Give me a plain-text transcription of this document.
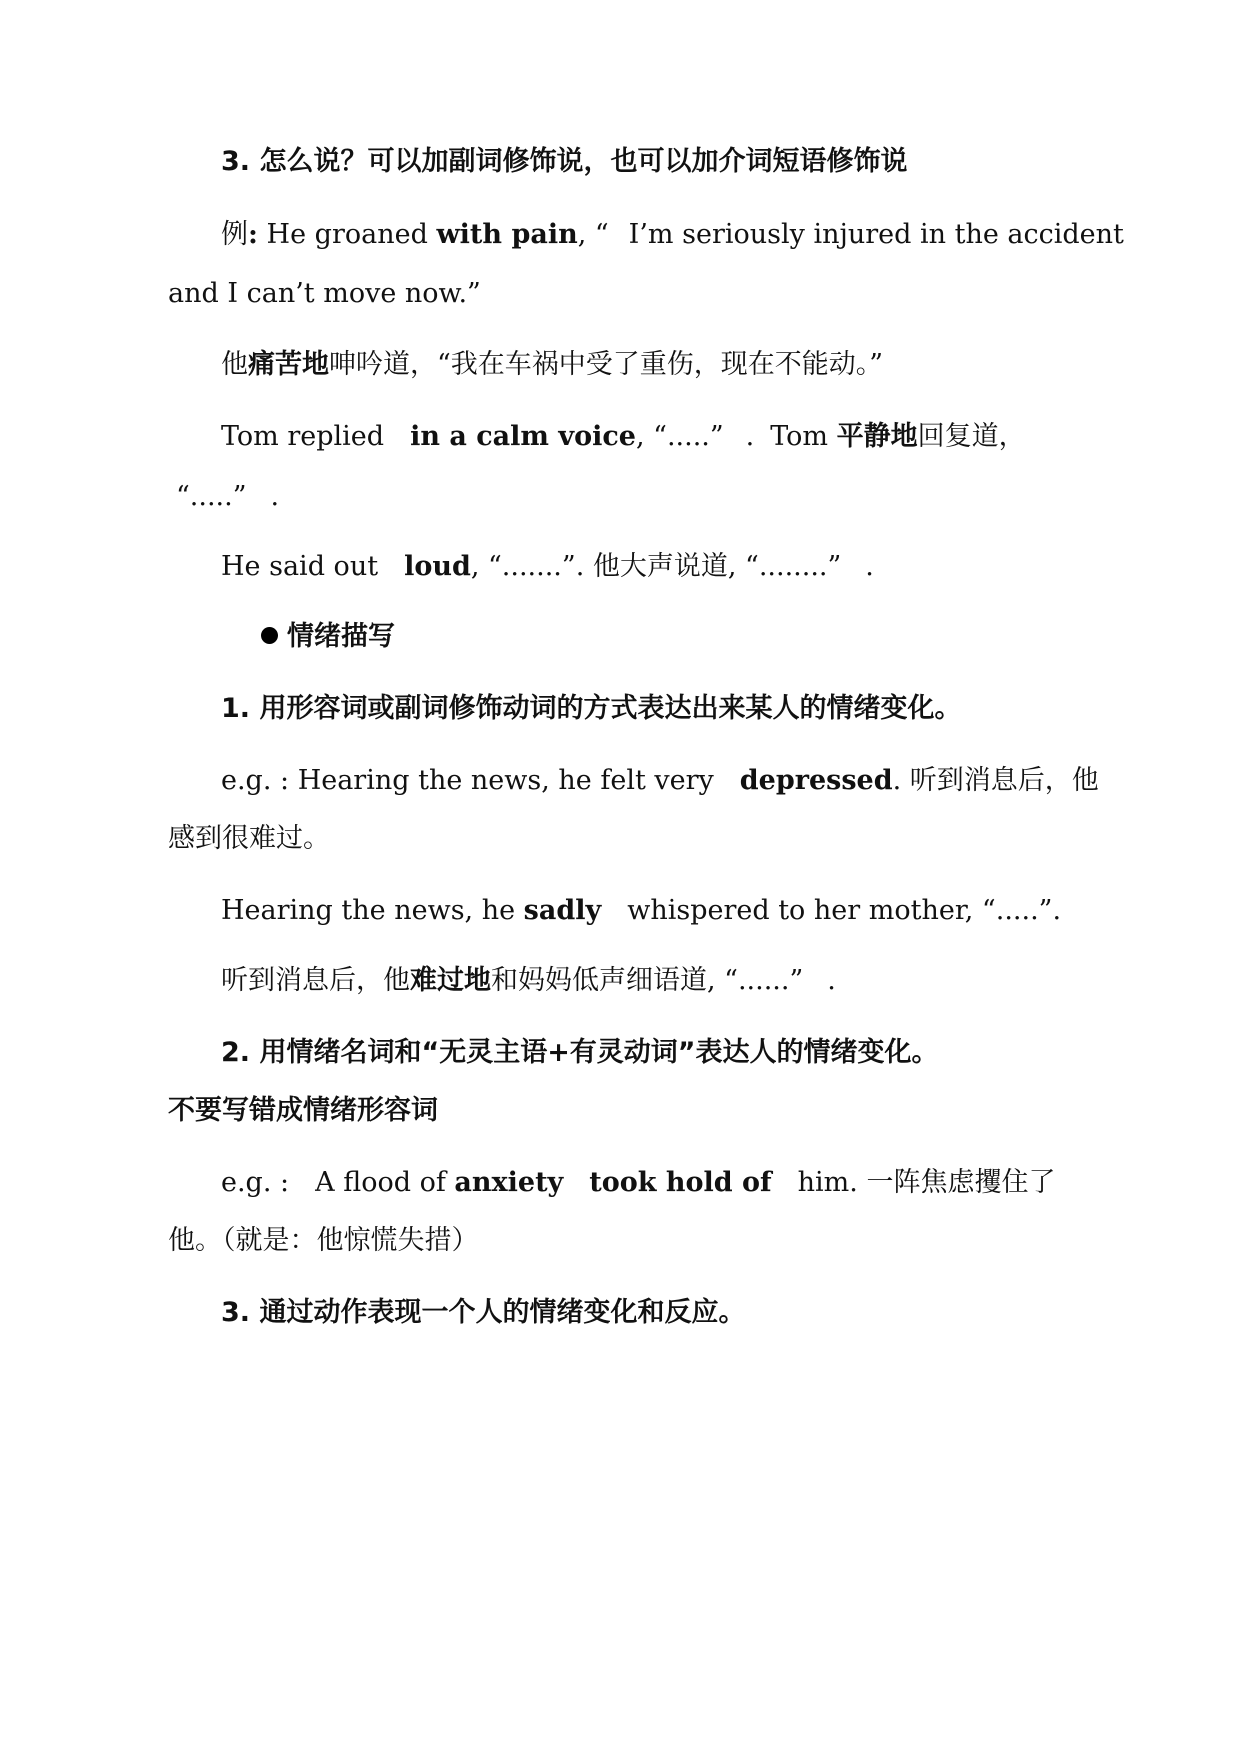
3. 怎么说？可以加副词修饰说，也可以加介词短语修饰说
例: He groaned with pain, “ I’m seriously injured in the accident
and I can’t move now.”
他痛苦地呻吟道，“我在车祸中受了重伤，现在不能动。”
Tom replied in a calm voice, “.....” . Tom 平静地回复道，
“.....” .
He said out loud, “.......”. 他大声说道, “........” .
情绪描写
1. 用形容词或副词修饰动词的方式表达出来某人的情绪变化。
e.g. : Hearing the news, he felt very depressed. 听到消息后，他
感到很难过。
Hearing the news, he sadly whispered to her mother, “.....”.
听到消息后，他难过地和妈妈低声细语道, “......” .
2. 用情绪名词和“无灵主语+有灵动词”表达人的情绪变化。
不要写错成情绪形容词
e.g. : A flood of anxiety took hold of him. 一阵焦虑攫住了
他。（就是：他惊慌失措）
3. 通过动作表现一个人的情绪变化和反应。
